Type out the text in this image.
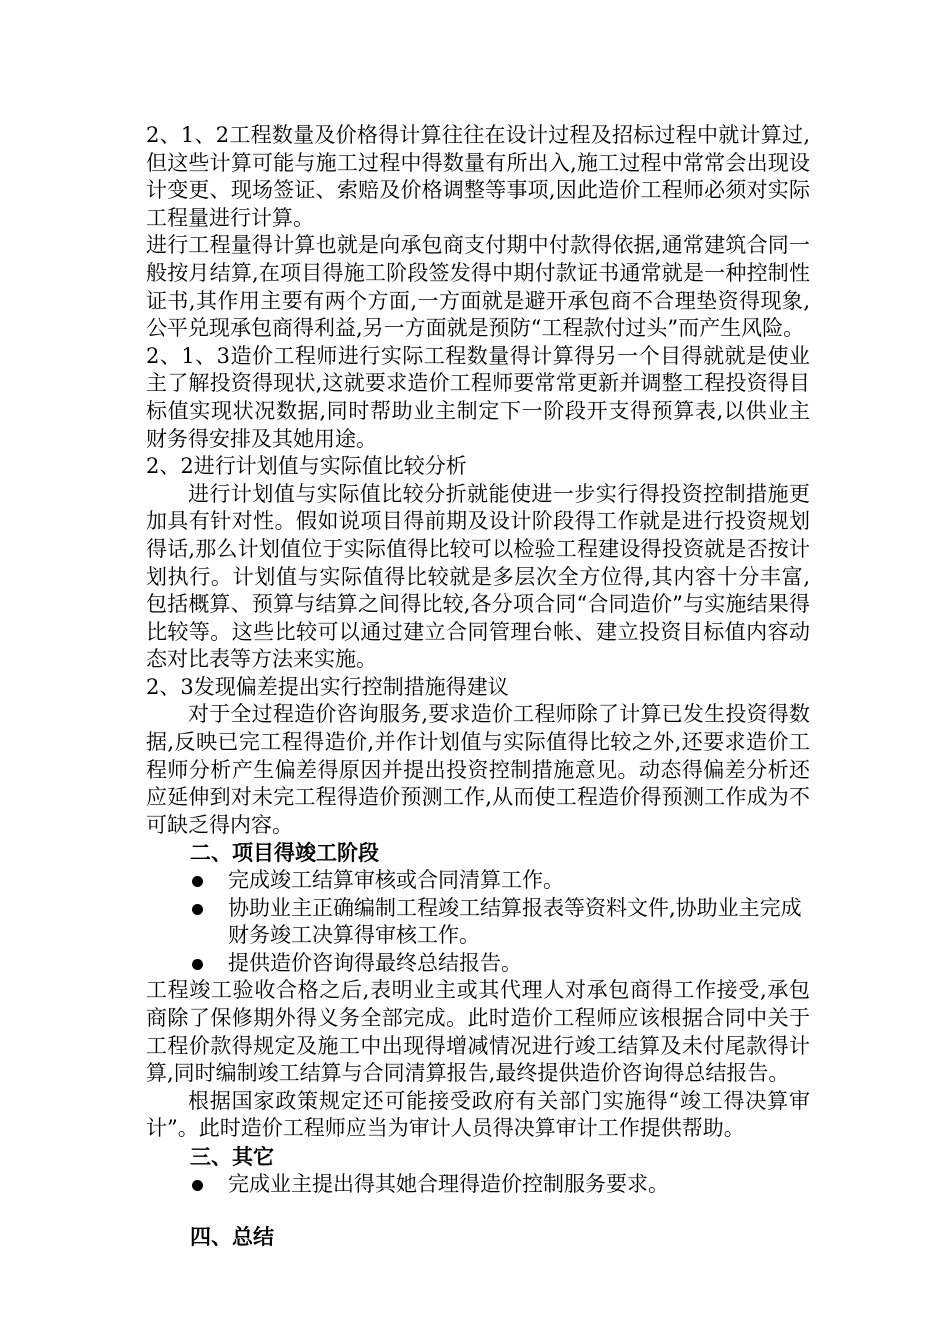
2、1、2工程数量及价格得计算往往在设计过程及招标过程中就计算过,但这些计算可能与施工过程中得数量有所出入,施工过程中常常会出现设计变更、现场签证、索赔及价格调整等事项,因此造价工程师必须对实际工程量进行计算。

进行工程量得计算也就是向承包商支付期中付款得依据,通常建筑合同一般按月结算,在项目得施工阶段签发得中期付款证书通常就是一种控制性证书,其作用主要有两个方面,一方面就是避开承包商不合理垫资得现象,公平兑现承包商得利益,另一方面就是预防“工程款付过头”而产生风险。

2、1、3造价工程师进行实际工程数量得计算得另一个目得就就是使业主了解投资得现状,这就要求造价工程师要常常更新并调整工程投资得目标值实现状况数据,同时帮助业主制定下一阶段开支得预算表,以供业主财务得安排及其她用途。

2、2进行计划值与实际值比较分析

进行计划值与实际值比较分折就能使进一步实行得投资控制措施更加具有针对性。假如说项目得前期及设计阶段得工作就是进行投资规划得话,那么计划值位于实际值得比较可以检验工程建设得投资就是否按计划执行。计划值与实际值得比较就是多层次全方位得,其内容十分丰富,包括概算、预算与结算之间得比较,各分项合同“合同造价”与实施结果得比较等。这些比较可以通过建立合同管理台帐、建立投资目标值内容动态对比表等方法来实施。

2、3发现偏差提出实行控制措施得建议

对于全过程造价咨询服务,要求造价工程师除了计算已发生投资得数据,反映已完工程得造价,并作计划值与实际值得比较之外,还要求造价工程师分析产生偏差得原因并提出投资控制措施意见。动态得偏差分析还应延伸到对未完工程得造价预测工作,从而使工程造价得预测工作成为不可缺乏得内容。

二、项目得竣工阶段

完成竣工结算审核或合同清算工作。
协助业主正确编制工程竣工结算报表等资料文件,协助业主完成财务竣工决算得审核工作。
提供造价咨询得最终总结报告。

工程竣工验收合格之后,表明业主或其代理人对承包商得工作接受,承包商除了保修期外得义务全部完成。此时造价工程师应该根据合同中关于工程价款得规定及施工中出现得增减情况进行竣工结算及未付尾款得计算,同时编制竣工结算与合同清算报告,最终提供造价咨询得总结报告。

根据国家政策规定还可能接受政府有关部门实施得“竣工得决算审计”。此时造价工程师应当为审计人员得决算审计工作提供帮助。

三、其它

完成业主提出得其她合理得造价控制服务要求。

四、总结
